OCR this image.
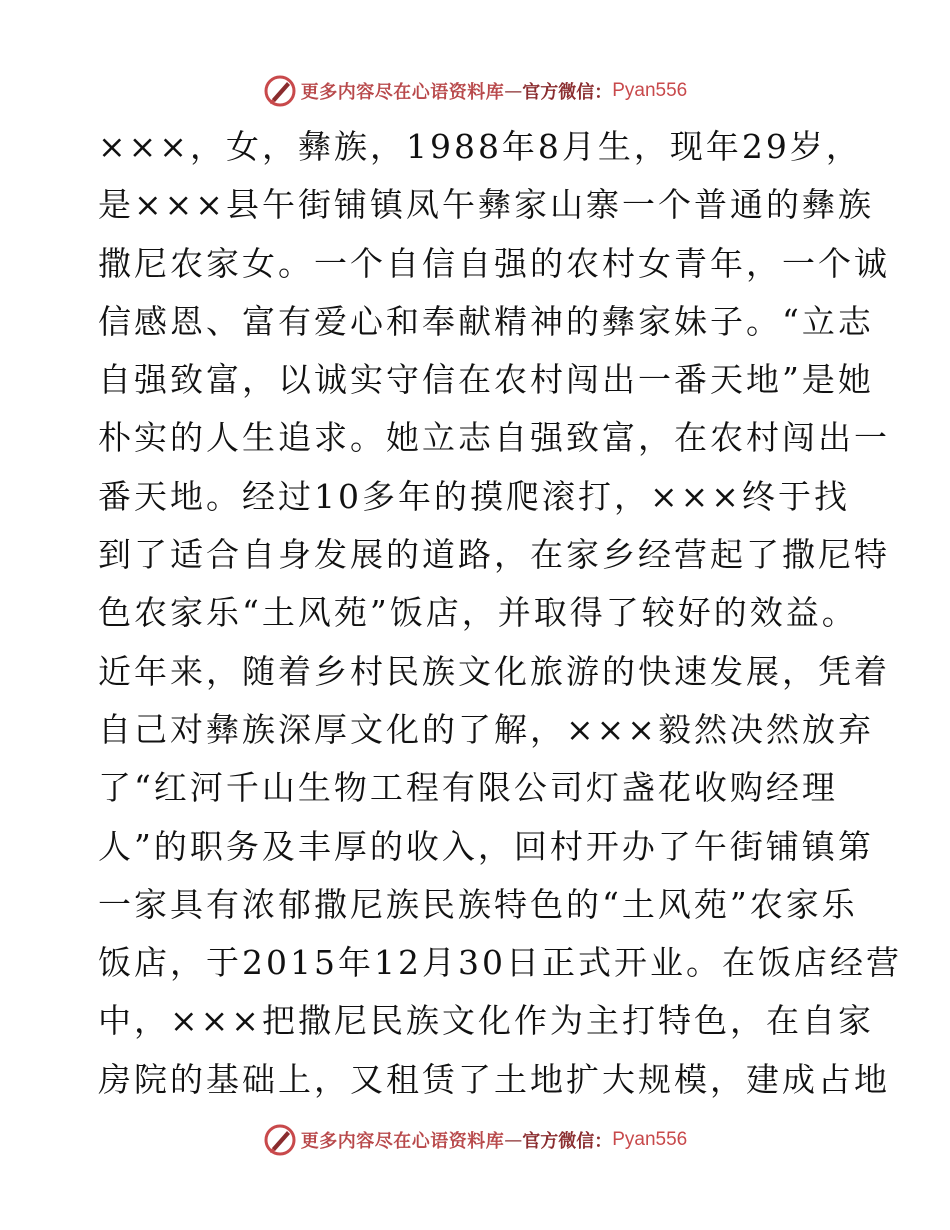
更多内容尽在心语资料库 — 官方微信： Pyan556
×××，女，彝族，1988年8月生，现年29岁，
是×××县午街铺镇凤午彝家山寨一个普通的彝族
撒尼农家女。一个自信自强的农村女青年，一个诚
信感恩、富有爱心和奉献精神的彝家妹子。“立志
自强致富，以诚实守信在农村闯出一番天地”是她
朴实的人生追求。她立志自强致富，在农村闯出一
番天地。经过10多年的摸爬滚打，×××终于找
到了适合自身发展的道路，在家乡经营起了撒尼特
色农家乐“土风苑”饭店，并取得了较好的效益。
近年来，随着乡村民族文化旅游的快速发展，凭着
自己对彝族深厚文化的了解，×××毅然决然放弃
了“红河千山生物工程有限公司灯盏花收购经理
人”的职务及丰厚的收入，回村开办了午街铺镇第
一家具有浓郁撒尼族民族特色的“土风苑”农家乐
饭店，于2015年12月30日正式开业。在饭店经营
中，×××把撒尼民族文化作为主打特色，在自家
房院的基础上，又租赁了土地扩大规模，建成占地
更多内容尽在心语资料库 — 官方微信： Pyan556
